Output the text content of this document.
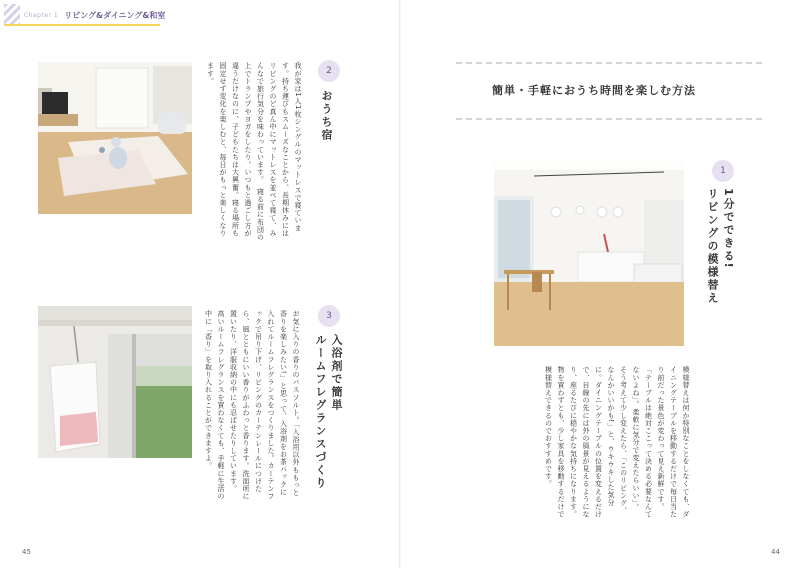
Chapter 1 リビング&ダイニング&和室
2
おうち宿
我が家は1人1枚シングルのマットレスで寝ています。持ち運びもスムーズなことから、長期休みにはリビングのど真ん中にマットレスを並べて寝て、みんなで旅行気分を味わっています。　寝る前に布団の上でトランプやヨガをしたり。いつもと過ごし方が違うだけなのに、子どもたちは大興奮。寝る場所も固定せず変化を楽しむと、毎日がもっと楽しくなります。
3
入浴剤で簡単
ルームフレグランスづくり
お気に入りの香りのバスソルト。「入浴用以外ももっと香りを楽しみたい!」と思って、入浴剤をお茶パックに入れてルームフレグランスをつくりました。カーテンフックで吊り下げ、リビングのカーテンレールにつけたら、風とともにいい香りがふわっと香ります。洗面所に置いたり、洋服収納の中にも忍ばせたりしています。　高いルームフレグランスを買わなくても、手軽に生活の中に「香り」を取り入れることができますよ。
45
簡単・手軽におうち時間を楽しむ方法
1
1分でできる!
リビングの模様替え
模様替えは何か特別なことをしなくても、ダイニングテーブルを移動するだけで毎日当たり前だった景色が変わって見え新鮮です。「テーブルは絶対ここって決める必要なんてないよね」。柔軟に気分で変えたらいい」。そう考えて少し変えたら、「このリビング、なんかいいかも!」と、ウキウキした気分に。ダイニングテーブルの位置を変えるだけで、目線の先には外の風景が見えるようになり、座るたびに穏やかな気持ちになります。物を買わずとも、少し家具を移動するだけで模様替えできるのでおすすめです。
44
